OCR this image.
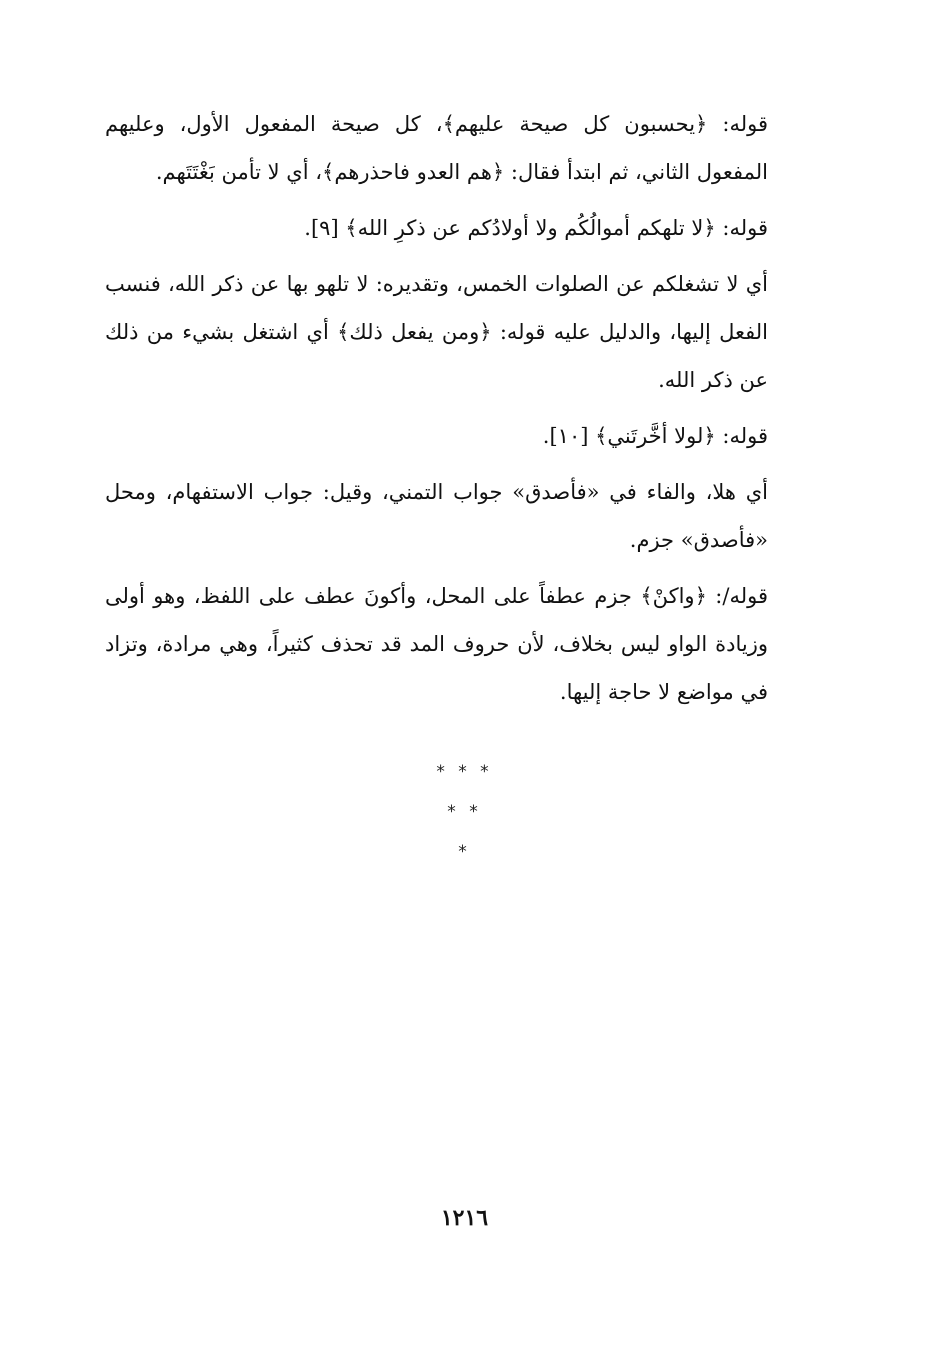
قوله: ﴿يحسبون كل صيحة عليهم﴾، كل صيحة المفعول الأول، وعليهم المفعول الثاني، ثم ابتدأ فقال: ﴿هم العدو فاحذرهم﴾، أي لا تأمن بَغْتَتَهم.

قوله: ﴿لا تلهكم أموالُكُم ولا أولادُكم عن ذكرِ الله﴾ [٩].

أي لا تشغلكم عن الصلوات الخمس، وتقديره: لا تلهو بها عن ذكر الله، فنسب الفعل إليها، والدليل عليه قوله: ﴿ومن يفعل ذلك﴾ أي اشتغل بشيء من ذلك عن ذكر الله.

قوله: ﴿لولا أخَّرتَني﴾ [١٠].

أي هلا، والفاء في «فأصدق» جواب التمني، وقيل: جواب الاستفهام، ومحل «فأصدق» جزم.

قوله/: ﴿واكنْ﴾ جزم عطفاً على المحل، وأكونَ عطف على اللفظ، وهو أولى وزيادة الواو ليس بخلاف، لأن حروف المد قد تحذف كثيراً، وهي مرادة، وتزاد في مواضع لا حاجة إليها.

* * *
* *
*
١٢١٦
